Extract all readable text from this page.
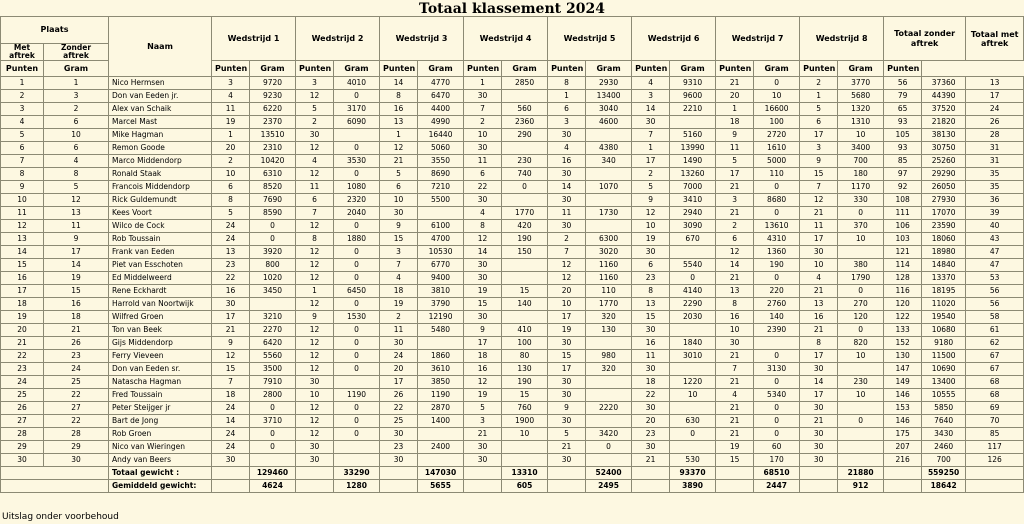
Totaal klassement 2024
Plaats		Naam	Wedstrijd 1		Wedstrijd 2		Wedstrijd 3		Wedstrijd 4		Wedstrijd 5		Wedstrijd 6		Wedstrijd 7		Wedstrijd 8		Totaal zonder aftrek		Totaal met aftrek
Met aftrek	Zonder aftrek																				
Punten	Gram		Punten	Gram	Punten	Gram	Punten	Gram	Punten	Gram	Punten	Gram	Punten	Gram	Punten	Gram	Punten	Gram	Punten		
1	1	Nico Hermsen	3	9720	3	4010	14	4770	1	2850	8	2930	4	9310	21	0	2	3770	56	37360	13
2	3	Don van Eeden jr.	4	9230	12	0	8	6470	30		1	13400	3	9600	20	10	1	5680	79	44390	17
3	2	Alex van Schaik	11	6220	5	3170	16	4400	7	560	6	3040	14	2210	1	16600	5	1320	65	37520	24
4	6	Marcel Mast	19	2370	2	6090	13	4990	2	2360	3	4600	30		18	100	6	1310	93	21820	26
5	10	Mike Hagman	1	13510	30		1	16440	10	290	30		7	5160	9	2720	17	10	105	38130	28
6	6	Remon Goode	20	2310	12	0	12	5060	30		4	4380	1	13990	11	1610	3	3400	93	30750	31
7	4	Marco Middendorp	2	10420	4	3530	21	3550	11	230	16	340	17	1490	5	5000	9	700	85	25260	31
8	8	Ronald Staak	10	6310	12	0	5	8690	6	740	30		2	13260	17	110	15	180	97	29290	35
9	5	Francois Middendorp	6	8520	11	1080	6	7210	22	0	14	1070	5	7000	21	0	7	1170	92	26050	35
10	12	Rick Guldemundt	8	7690	6	2320	10	5500	30		30		9	3410	3	8680	12	330	108	27930	36
11	13	Kees Voort	5	8590	7	2040	30		4	1770	11	1730	12	2940	21	0	21	0	111	17070	39
12	11	Wilco de Cock	24	0	12	0	9	6100	8	420	30		10	3090	2	13610	11	370	106	23590	40
13	9	Rob Toussain	24	0	8	1880	15	4700	12	190	2	6300	19	670	6	4310	17	10	103	18060	43
14	17	Frank van Eeden	13	3920	12	0	3	10530	14	150	7	3020	30		12	1360	30		121	18980	47
15	14	Piet van Esschoten	23	800	12	0	7	6770	30		12	1160	6	5540	14	190	10	380	114	14840	47
16	19	Ed Middelweerd	22	1020	12	0	4	9400	30		12	1160	23	0	21	0	4	1790	128	13370	53
17	15	Rene Eckhardt	16	3450	1	6450	18	3810	19	15	20	110	8	4140	13	220	21	0	116	18195	56
18	16	Harrold van Noortwijk	30		12	0	19	3790	15	140	10	1770	13	2290	8	2760	13	270	120	11020	56
19	18	Wilfred Groen	17	3210	9	1530	2	12190	30		17	320	15	2030	16	140	16	120	122	19540	58
20	21	Ton van Beek	21	2270	12	0	11	5480	9	410	19	130	30		10	2390	21	0	133	10680	61
21	26	Gijs Middendorp	9	6420	12	0	30		17	100	30		16	1840	30		8	820	152	9180	62
22	23	Ferry Vieveen	12	5560	12	0	24	1860	18	80	15	980	11	3010	21	0	17	10	130	11500	67
23	24	Don van Eeden sr.	15	3500	12	0	20	3610	16	130	17	320	30		7	3130	30		147	10690	67
24	25	Natascha Hagman	7	7910	30		17	3850	12	190	30		18	1220	21	0	14	230	149	13400	68
25	22	Fred Toussain	18	2800	10	1190	26	1190	19	15	30		22	10	4	5340	17	10	146	10555	68
26	27	Peter Steijger jr	24	0	12	0	22	2870	5	760	9	2220	30		21	0	30		153	5850	69
27	22	Bart de Jong	14	3710	12	0	25	1400	3	1900	30		20	630	21	0	21	0	146	7640	70
28	28	Rob Groen	24	0	12	0	30		21	10	5	3420	23	0	21	0	30		175	3430	85
29	29	Nico van Wieringen	24	0	30		23	2400	30		21	0	30		19	60	30		207	2460	117
30	30	Andy van Beers	30		30		30		30		30		21	530	15	170	30		216	700	126
		Totaal gewicht :		129460		33290		147030		13310		52400		93370		68510		21880		559250	
		Gemiddeld gewicht:		4624		1280		5655		605		2495		3890		2447		912		18642	
Uitslag onder voorbehoud
